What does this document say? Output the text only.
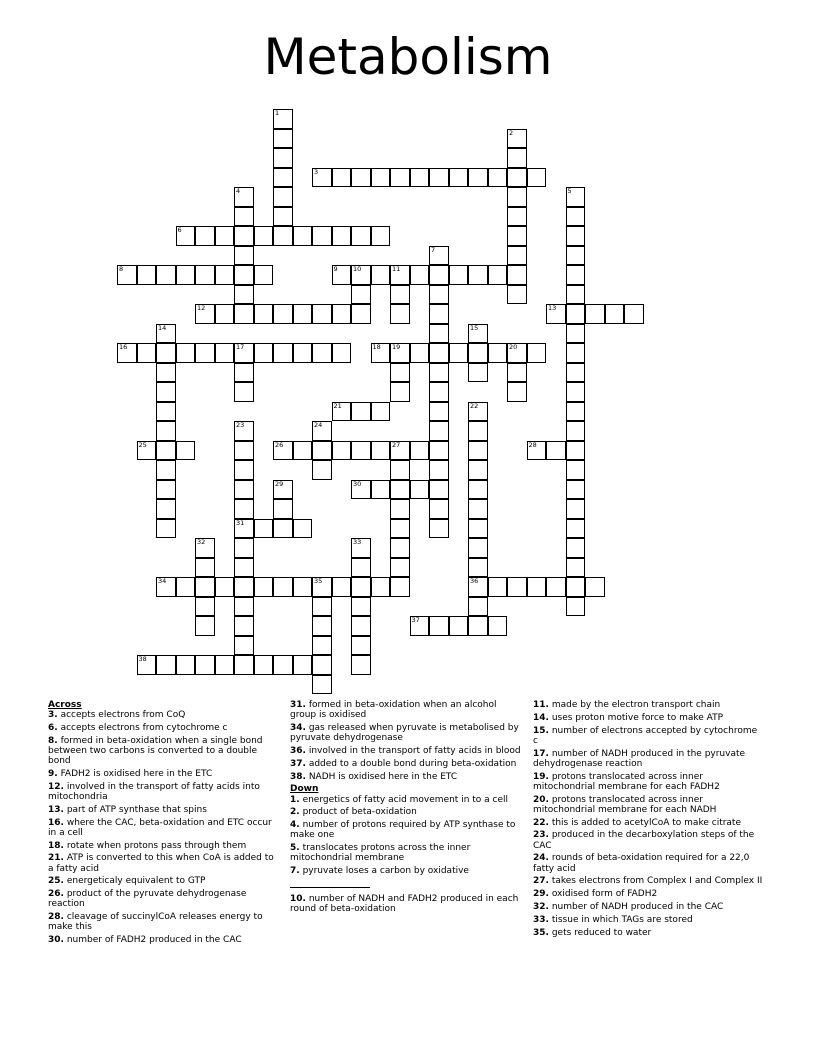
Metabolism
1
2
3
4	5
6
7
8	9 10	11
12	13
14	15
16	17	18 19	20
21	22
36
23
31
24
25	26	27	28
29	30
32	33
34	35
37
38
Across
3. accepts electrons from CoQ
6. accepts electrons from cytochrome c
8. formed in beta-oxidation when a single bond between two carbons is converted to a double bond
9. FADH2 is oxidised here in the ETC
12. involved in the transport of fatty acids into mitochondria
13. part of ATP synthase that spins
16. where the CAC, beta-oxidation and ETC occur in a cell
18. rotate when protons pass through them
21. ATP is converted to this when CoA is added to a fatty acid
25. energeticaly equivalent to GTP
26. product of the pyruvate dehydrogenase reaction
28. cleavage of succinylCoA releases energy to make this
30. number of FADH2 produced in the CAC
31. formed in beta-oxidation when an alcohol group is oxidised
34. gas released when pyruvate is metabolised by pyruvate dehydrogenase
36. involved in the transport of fatty acids in blood
37. added to a double bond during beta-oxidation
38. NADH is oxidised here in the ETC
Down
1. energetics of fatty acid movement in to a cell
2. product of beta-oxidation
4. number of protons required by ATP synthase to make one
5. translocates protons across the inner mitochondrial membrane
7. pyruvate loses a carbon by oxidative
10. number of NADH and FADH2 produced in each round of beta-oxidation
11. made by the electron transport chain
14. uses proton motive force to make ATP
15. number of electrons accepted by cytochrome c
17. number of NADH produced in the pyruvate dehydrogenase reaction
19. protons translocated across inner mitochondrial membrane for each FADH2
20. protons translocated across inner mitochondrial membrane for each NADH
22. this is added to acetylCoA to make citrate
23. produced in the decarboxylation steps of the CAC
24. rounds of beta-oxidation required for a 22,0 fatty acid
27. takes electrons from Complex I and Complex II
29. oxidised form of FADH2
32. number of NADH produced in the CAC
33. tissue in which TAGs are stored
35. gets reduced to water
